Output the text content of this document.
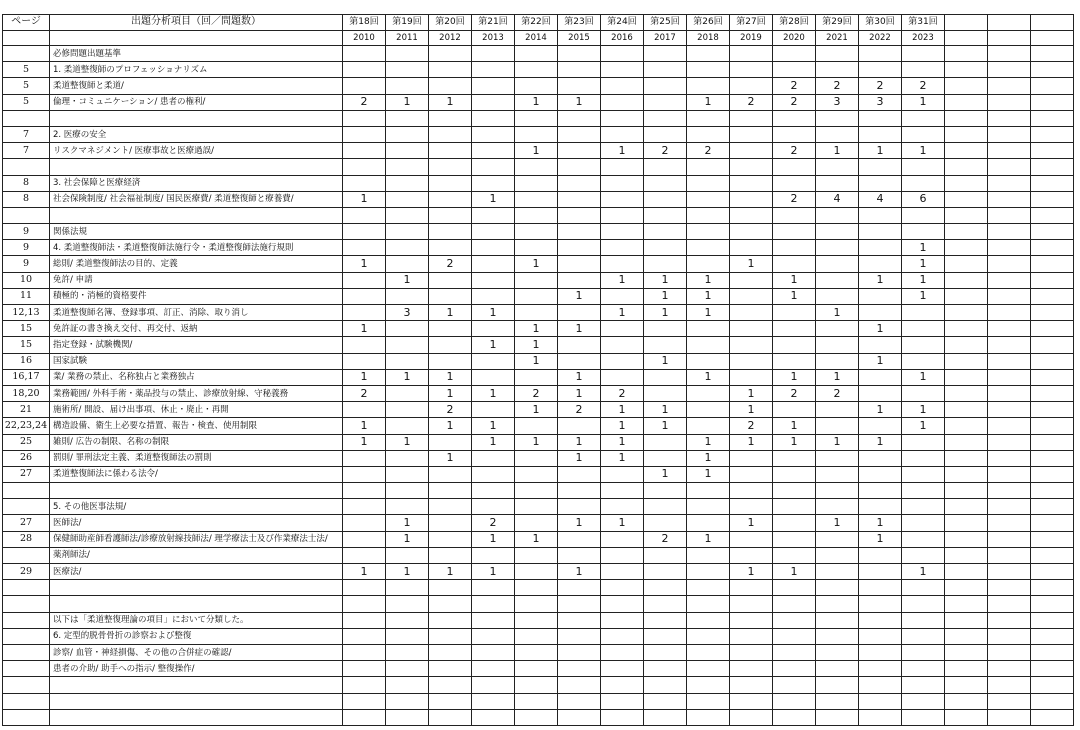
ページ	出題分析項目（回／問題数）	第18回	第19回	第20回	第21回	第22回	第23回	第24回	第25回	第26回	第27回	第28回	第29回	第30回	第31回			
		2010	2011	2012	2013	2014	2015	2016	2017	2018	2019	2020	2021	2022	2023			
	必修問題出題基準																	
5	1. 柔道整復師のプロフェッショナリズム																	
5	柔道整復師と柔道/											2	2	2	2			
5	倫理・コミュニケーション/ 患者の権利/	2	1	1		1	1			1	2	2	3	3	1			

7	2. 医療の安全																	
7	リスクマネジメント/ 医療事故と医療過誤/					1		1	2	2		2	1	1	1			

8	3. 社会保障と医療経済																	
8	社会保険制度/ 社会福祉制度/ 国民医療費/ 柔道整復師と療養費/	1			1							2	4	4	6			

9	関係法規																	
9	4. 柔道整復師法・柔道整復師法施行令・柔道整復師法施行規則														1			
9	総則/ 柔道整復師法の目的、定義	1		2		1					1				1			
10	免許/ 申請		1					1	1	1		1		1	1			
11	積極的・消極的資格要件						1		1	1		1			1			
12,13	柔道整復師名簿、登録事項、訂正、消除、取り消し		3	1	1			1	1	1			1					
15	免許証の書き換え交付、再交付、返納	1				1	1							1				
15	指定登録・試験機関/				1	1												
16	国家試験					1			1					1				
16,17	業/ 業務の禁止、名称独占と業務独占	1	1	1			1			1		1	1		1			
18,20	業務範囲/ 外科手術・薬品投与の禁止、診療放射線、守秘義務	2		1	1	2	1	2			1	2	2					
21	施術所/ 開設、届け出事項、休止・廃止・再開			2		1	2	1	1		1			1	1			
22,23,24	構造設備、衛生上必要な措置、報告・検査、使用制限	1		1	1			1	1		2	1			1			
25	雑則/ 広告の制限、名称の制限	1	1		1	1	1	1		1	1	1	1	1				
26	罰則/ 罪刑法定主義、柔道整復師法の罰則			1			1	1		1								
27	柔道整復師法に係わる法令/								1	1								

	5. その他医事法規/																	
27	医師法/		1		2		1	1			1		1	1				
28	保健師助産師看護師法/診療放射線技師法/ 理学療法士及び作業療法士法/		1		1	1			2	1				1				
	薬剤師法/																	
29	医療法/	1	1	1	1		1				1	1			1			

	以下は「柔道整復理論の項目」において分類した。																	
	6. 定型的脱骨骨折の診察および整復																	
	診察/ 血管・神経損傷、その他の合併症の確認/																	
	患者の介助/ 助手への指示/ 整復操作/																	
